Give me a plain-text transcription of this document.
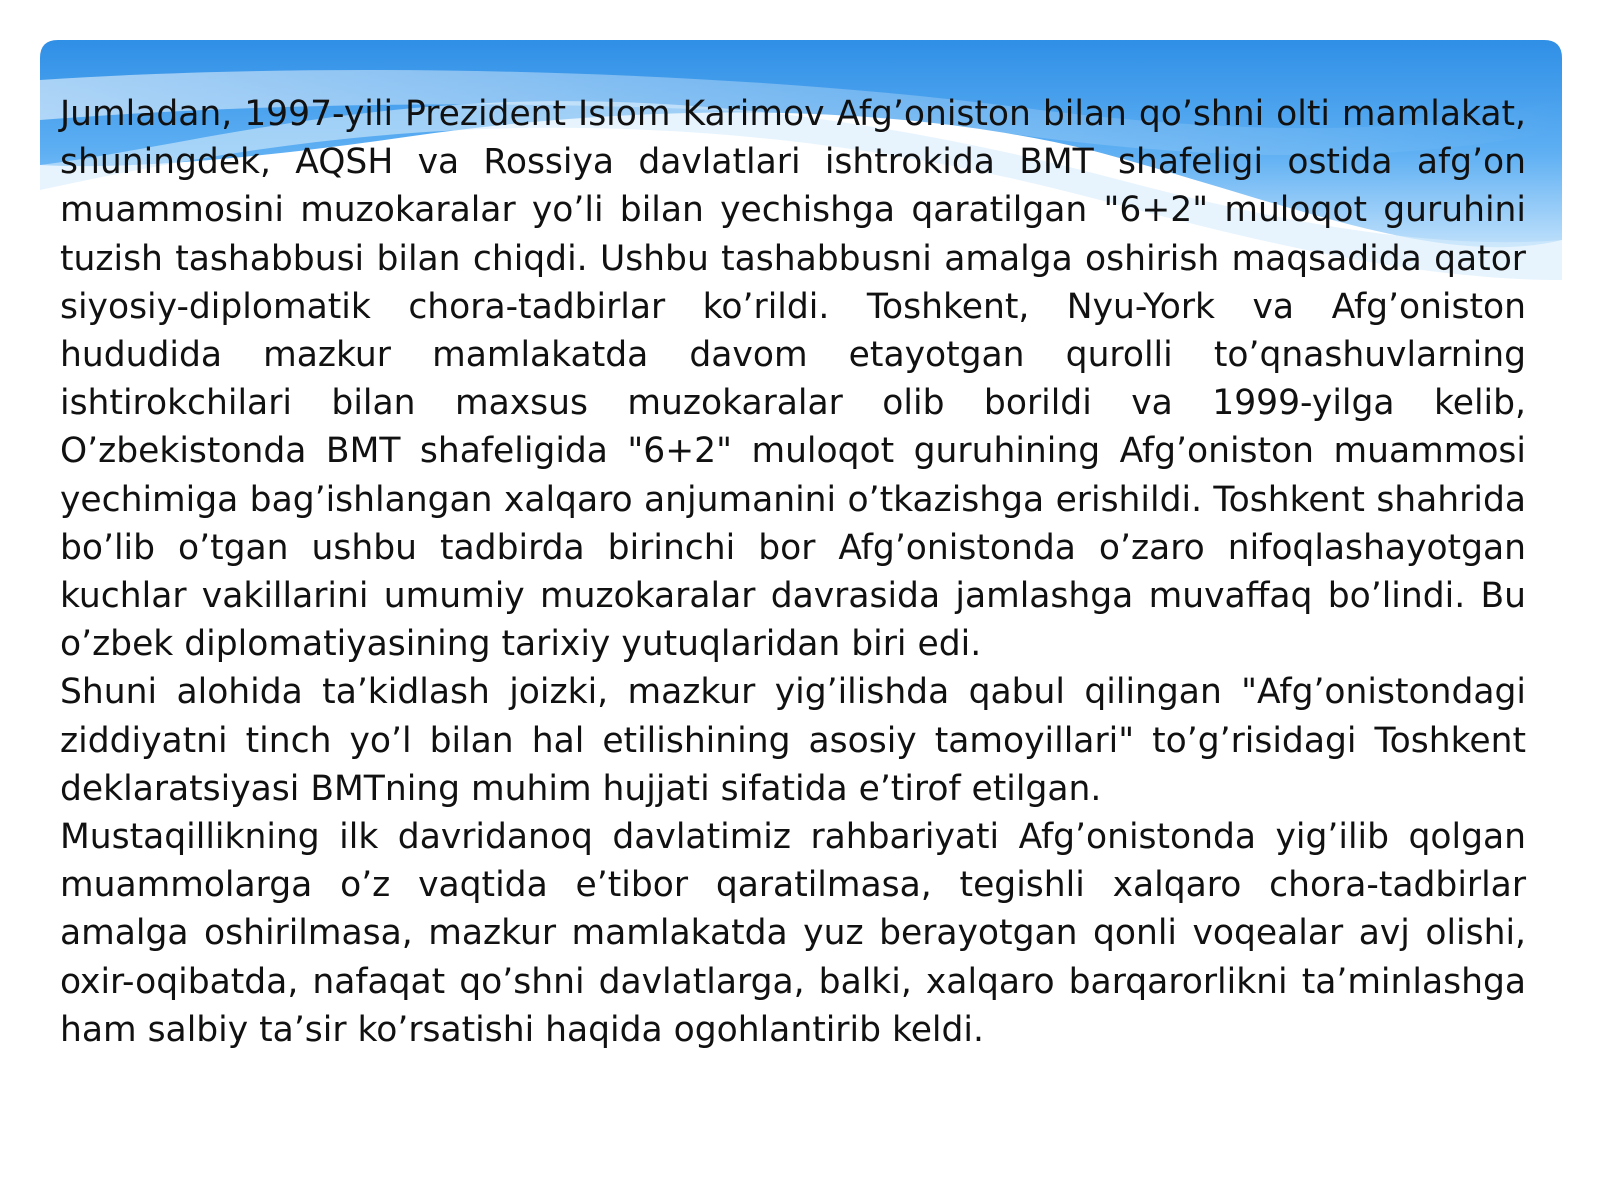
Jumladan, 1997-yili Prezident Islom Karimov Afg’oniston bilan qo’shni olti mamlakat, shuningdek, AQSH va Rossiya davlatlari ishtrokida BMT shafeligi ostida afg’on muammosini muzokaralar yo’li bilan yechishga qaratilgan "6+2" muloqot guruhini tuzish tashabbusi bilan chiqdi. Ushbu tashabbusni amalga oshirish maqsadida qator siyosiy-diplomatik chora-tadbirlar ko’rildi. Toshkent, Nyu-York va Afg’oniston hududida mazkur mamlakatda davom etayotgan qurolli to’qnashuvlarning ishtirokchilari bilan maxsus muzokaralar olib borildi va 1999-yilga kelib, O’zbekistonda BMT shafeligida "6+2" muloqot guruhining Afg’oniston muammosi yechimiga bag’ishlangan xalqaro anjumanini o’tkazishga erishildi. Toshkent shahrida bo’lib o’tgan ushbu tadbirda birinchi bor Afg’onistonda o’zaro nifoqlashayotgan kuchlar vakillarini umumiy muzokaralar davrasida jamlashga muvaffaq bo’lindi. Bu o’zbek diplomatiyasining tarixiy yutuqlaridan biri edi.

Shuni alohida ta’kidlash joizki, mazkur yig’ilishda qabul qilingan "Afg’onistondagi ziddiyatni tinch yo’l bilan hal etilishining asosiy tamoyillari" to’g’risidagi Toshkent deklaratsiyasi BMTning muhim hujjati sifatida e’tirof etilgan.

Mustaqillikning ilk davridanoq davlatimiz rahbariyati Afg’onistonda yig’ilib qolgan muammolarga o’z vaqtida e’tibor qaratilmasa, tegishli xalqaro chora-tadbirlar amalga oshirilmasa, mazkur mamlakatda yuz berayotgan qonli voqealar avj olishi, oxir-oqibatda, nafaqat qo’shni davlatlarga, balki, xalqaro barqarorlikni ta’minlashga ham salbiy ta’sir ko’rsatishi haqida ogohlantirib keldi.
